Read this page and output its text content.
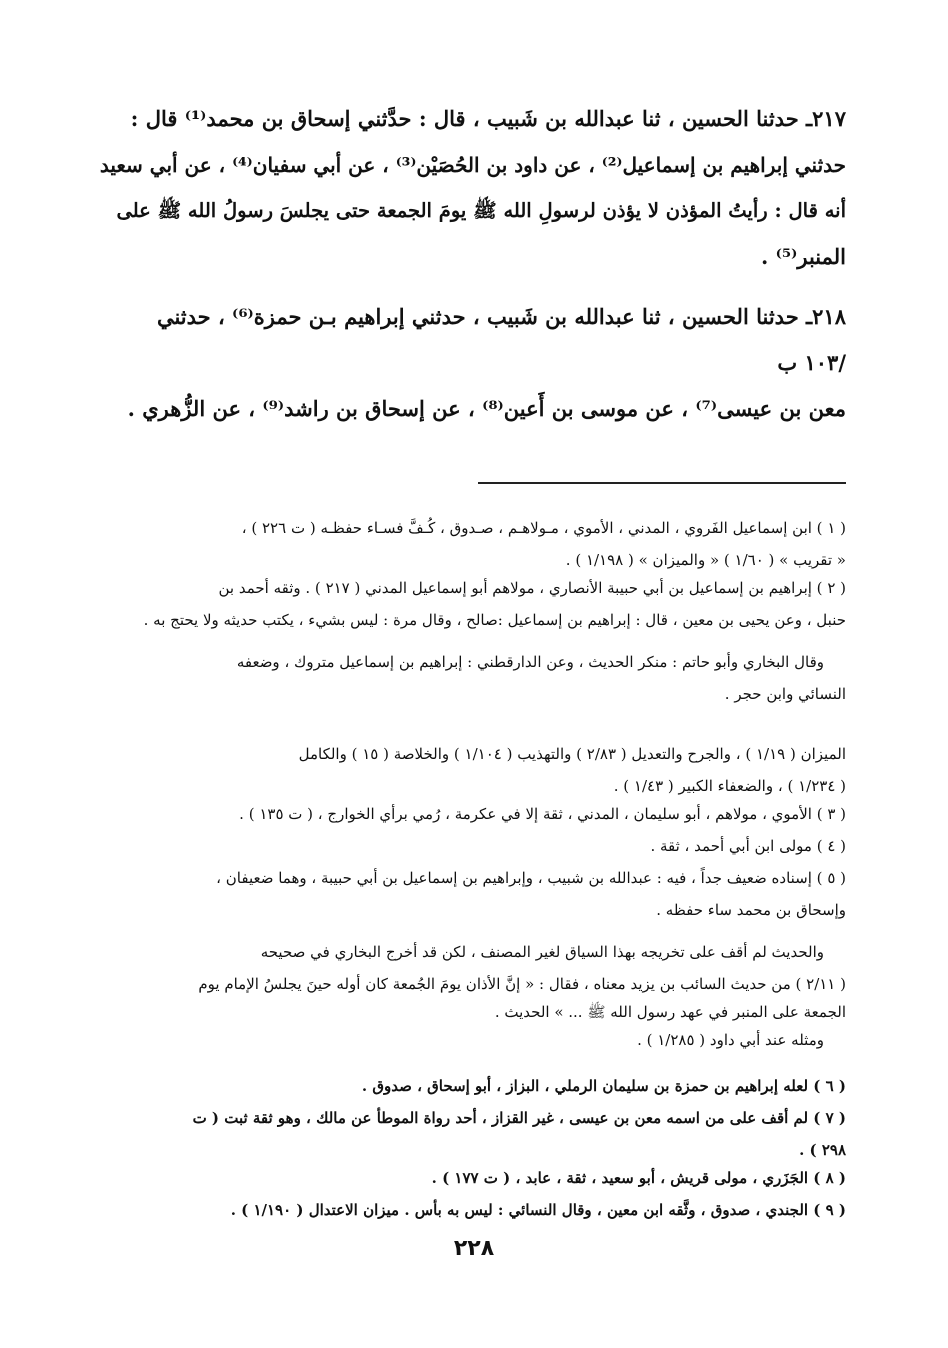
٢١٧ـ حدثنا الحسين ، ثنا عبدالله بن شَبيب ، قال : حدَّثني إسحاق بن محمد⁽¹⁾ قال :
حدثني إبراهيم بن إسماعيل⁽²⁾ ، عن داود بن الحُصَيْن⁽³⁾ ، عن أبي سفيان⁽⁴⁾ ، عن أبي سعيد
أنه قال : رأيتُ المؤذن لا يؤذن لرسولِ الله ﷺ يومَ الجمعة حتى يجلسَ رسولُ الله ﷺ على
المنبر⁽⁵⁾ .
٢١٨ـ حدثنا الحسين ، ثنا عبدالله بن شَبيب ، حدثني إبراهيم بـن حمزة⁽⁶⁾ ، حدثني
/١٠٣ ب
معن بن عيسى⁽⁷⁾ ، عن موسى بن أَعين⁽⁸⁾ ، عن إسحاق بن راشد⁽⁹⁾ ، عن الزُّهري .

( ١ ) ابن إسماعيل الفَروي ، المدني ، الأموي ، مـولاهـم ، صـدوق ، كُـفَّ فسـاء حفظـه ( ت ٢٢٦ ) ،

« تقريب » ( ١/٦٠ ) « والميزان » ( ١/١٩٨ ) .

( ٢ ) إبراهيم بن إسماعيل بن أبي حبيبة الأنصاري ، مولاهم أبو إسماعيل المدني ( ٢١٧ ) . وثقه أحمد بن

حنبل ، وعن يحيى بن معين ، قال : إبراهيم بن إسماعيل :صالح ، وقال مرة : ليس بشيء ، يكتب حديثه ولا يحتج به .

وقال البخاري وأبو حاتم : منكر الحديث ، وعن الدارقطني : إبراهيم بن إسماعيل متروك ، وضعفه

النسائي وابن حجر .

الميزان ( ١/١٩ ) ، والجرح والتعديل ( ٢/٨٣ ) والتهذيب ( ١/١٠٤ ) والخلاصة ( ١٥ ) والكامل

( ١/٢٣٤ ) ، والضعفاء الكبير ( ١/٤٣ ) .

( ٣ ) الأموي ، مولاهم ، أبو سليمان ، المدني ، ثقة إلا في عكرمة ، رُمي برأي الخوارج ، ( ت ١٣٥ ) .

( ٤ ) مولى ابن أبي أحمد ، ثقة .

( ٥ ) إسناده ضعيف جداً ، فيه : عبدالله بن شبيب ، وإبراهيم بن إسماعيل بن أبي حبيبة ، وهما ضعيفان ،

وإسحاق بن محمد ساء حفظه .

والحديث لم أقف على تخريجه بهذا السياق لغير المصنف ، لكن قد أخرج البخاري في صحيحه

( ٢/١١ ) من حديث السائب بن يزيد معناه ، فقال : « إنَّ الأذان يومَ الجُمعة كان أوله حينَ يجلسُ الإمام يوم

الجمعة على المنبر في عهد رسول الله ﷺ ... » الحديث .

ومثله عند أبي داود ( ١/٢٨٥ ) .

( ٦ ) لعله إبراهيم بن حمزة بن سليمان الرملي ، البزاز ، أبو إسحاق ، صدوق .

( ٧ ) لم أقف على من اسمه معن بن عيسى ، غير القزاز ، أحد رواة الموطأ عن مالك ، وهو ثقة ثبت ( ت

٢٩٨ ) .

( ٨ ) الجَزَري ، مولى قريش ، أبو سعيد ، ثقة ، عابد ، ( ت ١٧٧ ) .

( ٩ ) الجندي ، صدوق ، وثَّقه ابن معين ، وقال النسائي : ليس به بأس . ميزان الاعتدال ( ١/١٩٠ ) .

٢٢٨
